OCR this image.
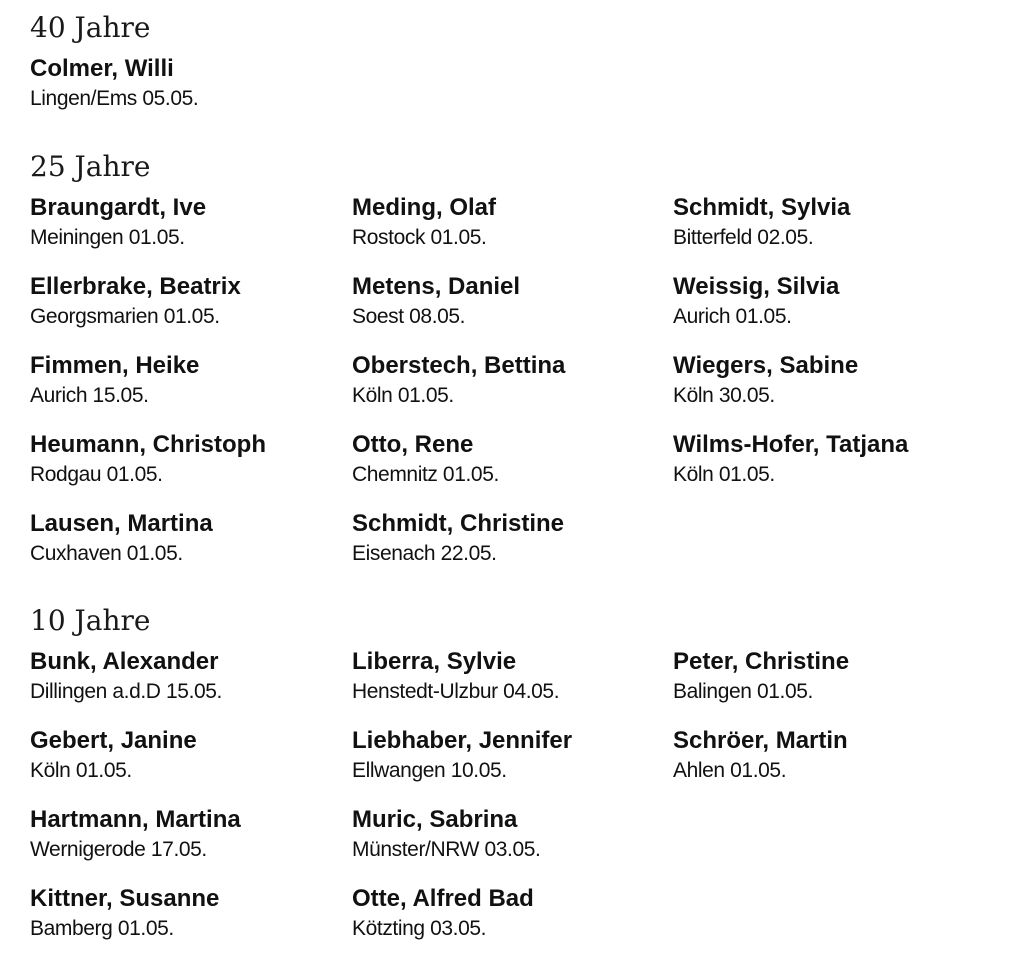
40 Jahre
Colmer, Willi
Lingen/Ems 05.05.
25 Jahre
Braungardt, Ive
Meiningen 01.05.
Ellerbrake, Beatrix
Georgsmarien 01.05.
Fimmen, Heike
Aurich 15.05.
Heumann, Christoph
Rodgau 01.05.
Lausen, Martina
Cuxhaven 01.05.
Meding, Olaf
Rostock 01.05.
Metens, Daniel
Soest 08.05.
Oberstech, Bettina
Köln 01.05.
Otto, Rene
Chemnitz 01.05.
Schmidt, Christine
Eisenach 22.05.
Schmidt, Sylvia
Bitterfeld 02.05.
Weissig, Silvia
Aurich 01.05.
Wiegers, Sabine
Köln 30.05.
Wilms-Hofer, Tatjana
Köln 01.05.
10 Jahre
Bunk, Alexander
Dillingen a.d.D 15.05.
Gebert, Janine
Köln 01.05.
Hartmann, Martina
Wernigerode 17.05.
Kittner, Susanne
Bamberg 01.05.
Liberra, Sylvie
Henstedt-Ulzbur 04.05.
Liebhaber, Jennifer
Ellwangen 10.05.
Muric, Sabrina
Münster/NRW 03.05.
Otte, Alfred Bad
Kötzting 03.05.
Peter, Christine
Balingen 01.05.
Schröer, Martin
Ahlen 01.05.
